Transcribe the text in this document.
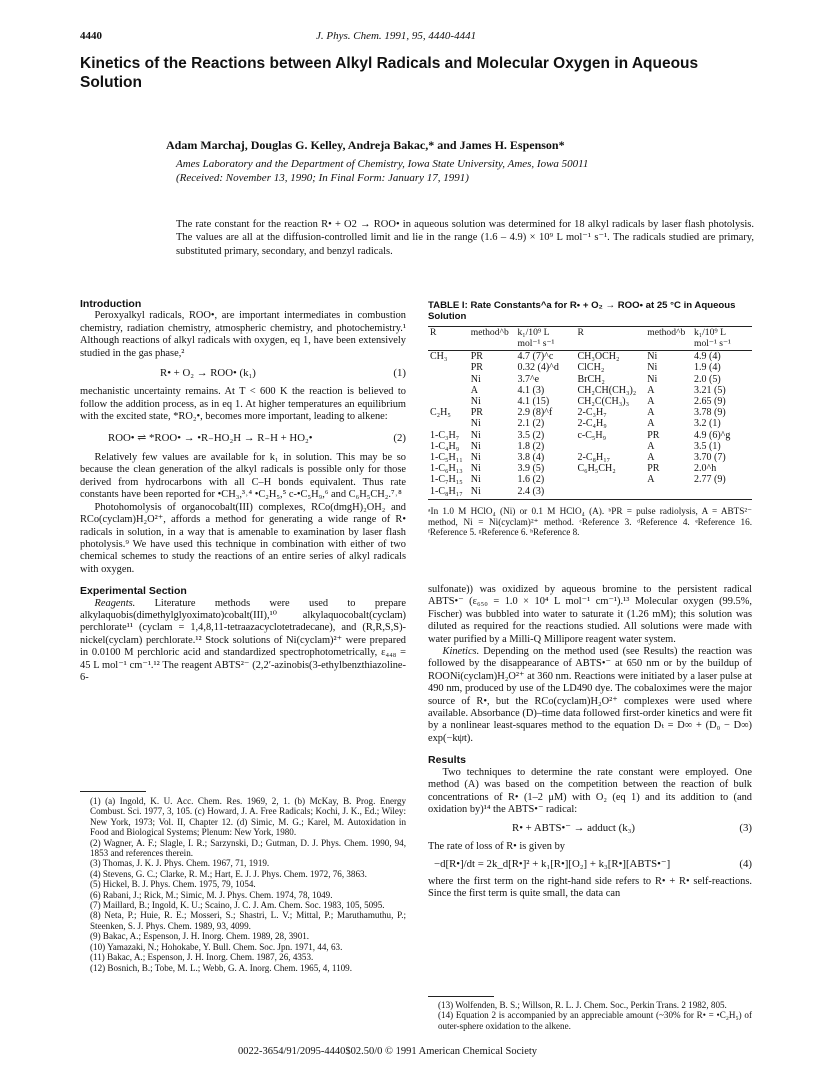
4440	J. Phys. Chem. 1991, 95, 4440-4441
Kinetics of the Reactions between Alkyl Radicals and Molecular Oxygen in Aqueous Solution
Adam Marchaj, Douglas G. Kelley, Andreja Bakac,* and James H. Espenson*
Ames Laboratory and the Department of Chemistry, Iowa State University, Ames, Iowa 50011
(Received: November 13, 1990; In Final Form: January 17, 1991)
The rate constant for the reaction R• + O2 → ROO• in aqueous solution was determined for 18 alkyl radicals by laser flash photolysis. The values are all at the diffusion-controlled limit and lie in the range (1.6 – 4.9) × 10⁹ L mol⁻¹ s⁻¹. The radicals studied are primary, substituted primary, secondary, and benzyl radicals.
Introduction

Peroxyalkyl radicals, ROO•, are important intermediates in combustion chemistry, radiation chemistry, atmospheric chemistry, and photochemistry.¹ Although reactions of alkyl radicals with oxygen, eq 1, have been extensively studied in the gas phase,²

R• + O₂ → ROO• (k₁)	(1)

mechanistic uncertainty remains. At T < 600 K the reaction is believed to follow the addition process, as in eq 1. At higher temperatures an equilibrium with the excited state, *RO₂•, becomes more important, leading to alkene:

ROO• ⇌ *ROO• → •R₋HO₂H → R₋H + HO₂•	(2)

Relatively few values are available for k₁ in solution. This may be so because the clean generation of the alkyl radicals is possible only for those derived from hydrocarbons with all C–H bonds equivalent. Thus rate constants have been reported for •CH₃,³˒⁴ •C₂H₅,⁵ c-•C₅H₉,⁶ and C₆H₅CH₂.⁷˒⁸

Photohomolysis of organocobalt(III) complexes, RCo(dmgH)₂OH₂ and RCo(cyclam)H₂O²⁺, affords a method for generating a wide range of R• radicals in solution, in a way that is amenable to examination by laser flash photolysis.⁹ We have used this technique in combination with either of two chemical schemes to study the reactions of an entire series of alkyl radicals with oxygen.

Experimental Section

Reagents. Literature methods were used to prepare alkylaquobis(dimethylglyoximato)cobalt(III),¹⁰ alkylaquocobalt(cyclam) perchlorate¹¹ (cyclam = 1,4,8,11-tetraazacyclotetradecane), and (R,R,S,S)-nickel(cyclam) perchlorate.¹² Stock solutions of Ni(cyclam)²⁺ were prepared in 0.0100 M perchloric acid and standardized spectrophotometrically, ε₄₄₈ = 45 L mol⁻¹ cm⁻¹.¹² The reagent ABTS²⁻ (2,2′-azinobis(3-ethylbenzthiazoline-6-

(1) (a) Ingold, K. U. Acc. Chem. Res. 1969, 2, 1. (b) McKay, B. Prog. Energy Combust. Sci. 1977, 3, 105. (c) Howard, J. A. Free Radicals; Kochi, J. K., Ed.; Wiley: New York, 1973; Vol. II, Chapter 12. (d) Simic, M. G.; Karel, M. Autoxidation in Food and Biological Systems; Plenum: New York, 1980.
(2) Wagner, A. F.; Slagle, I. R.; Sarzynski, D.; Gutman, D. J. Phys. Chem. 1990, 94, 1853 and references therein.
(3) Thomas, J. K. J. Phys. Chem. 1967, 71, 1919.
(4) Stevens, G. C.; Clarke, R. M.; Hart, E. J. J. Phys. Chem. 1972, 76, 3863.
(5) Hickel, B. J. Phys. Chem. 1975, 79, 1054.
(6) Rabani, J.; Rick, M.; Simic, M. J. Phys. Chem. 1974, 78, 1049.
(7) Maillard, B.; Ingold, K. U.; Scaino, J. C. J. Am. Chem. Soc. 1983, 105, 5095.
(8) Neta, P.; Huie, R. E.; Mosseri, S.; Shastri, L. V.; Mittal, P.; Maruthamuthu, P.; Steenken, S. J. Phys. Chem. 1989, 93, 4099.
(9) Bakac, A.; Espenson, J. H. Inorg. Chem. 1989, 28, 3901.
(10) Yamazaki, N.; Hohokabe, Y. Bull. Chem. Soc. Jpn. 1971, 44, 63.
(11) Bakac, A.; Espenson, J. H. Inorg. Chem. 1987, 26, 4353.
(12) Bosnich, B.; Tobe, M. L.; Webb, G. A. Inorg. Chem. 1965, 4, 1109.
TABLE I: Rate Constants^a for R• + O₂ → ROO• at 25 °C in Aqueous Solution
R	method^b	k₁/10⁹ L mol⁻¹ s⁻¹	R	method^b	k₁/10⁹ L mol⁻¹ s⁻¹
CH₃	PR	4.7 (7)^c	CH₃OCH₂	Ni	4.9 (4)
	PR	0.32 (4)^d	ClCH₂	Ni	1.9 (4)
	Ni	3.7^e	BrCH₂	Ni	2.0 (5)
	A	4.1 (3)	CH₂CH(CH₃)₂	A	3.21 (5)
	Ni	4.1 (15)	CH₂C(CH₃)₃	A	2.65 (9)
C₂H₅	PR	2.9 (8)^f	2-C₃H₇	A	3.78 (9)
	Ni	2.1 (2)	2-C₄H₉	A	3.2 (1)
1-C₃H₇	Ni	3.5 (2)	c-C₅H₉	PR	4.9 (6)^g
1-C₄H₉	Ni	1.8 (2)		A	3.5 (1)
1-C₅H₁₁	Ni	3.8 (4)	2-C₈H₁₇	A	3.70 (7)
1-C₆H₁₃	Ni	3.9 (5)	C₆H₅CH₂	PR	2.0^h
1-C₇H₁₅	Ni	1.6 (2)		A	2.77 (9)
1-C₈H₁₇	Ni	2.4 (3)			
ᵃIn 1.0 M HClO₄ (Ni) or 0.1 M HClO₄ (A). ᵇPR = pulse radiolysis, A = ABTS²⁻ method, Ni = Ni(cyclam)²⁺ method. ᶜReference 3. ᵈReference 4. ᵉReference 16. ᶠReference 5. ᵍReference 6. ʰReference 8.

sulfonate)) was oxidized by aqueous bromine to the persistent radical ABTS•⁻ (ε₆₅₀ = 1.0 × 10⁴ L mol⁻¹ cm⁻¹).¹³ Molecular oxygen (99.5%, Fischer) was bubbled into water to saturate it (1.26 mM); this solution was diluted as required for the reactions studied. All solutions were made with water purified by a Milli-Q Millipore reagent water system.

Kinetics. Depending on the method used (see Results) the reaction was followed by the disappearance of ABTS•⁻ at 650 nm or by the buildup of ROONi(cyclam)H₂O²⁺ at 360 nm. Reactions were initiated by a laser pulse at 490 nm, produced by use of the LD490 dye. The cobaloximes were the major source of R•, but the RCo(cyclam)H₂O²⁺ complexes were used where available. Absorbance (D)–time data followed first-order kinetics and were fit by a nonlinear least-squares method to the equation Dₜ = D∞ + (D₀ − D∞) exp(−kψt).

Results

Two techniques to determine the rate constant were employed. One method (A) was based on the competition between the reaction of bulk concentrations of R• (1–2 μM) with O₂ (eq 1) and its addition to (and oxidation by)¹⁴ the ABTS•⁻ radical:

R• + ABTS•⁻ → adduct (k₃)	(3)

The rate of loss of R• is given by

−d[R•]/dt = 2k_d[R•]² + k₁[R•][O₂] + k₃[R•][ABTS•⁻]	(4)

where the first term on the right-hand side refers to R• + R• self-reactions. Since the first term is quite small, the data can

(13) Wolfenden, B. S.; Willson, R. L. J. Chem. Soc., Perkin Trans. 2 1982, 805.
(14) Equation 2 is accompanied by an appreciable amount (~30% for R• = •C₂H₅) of outer-sphere oxidation to the alkene.
0022-3654/91/2095-4440$02.50/0 © 1991 American Chemical Society
